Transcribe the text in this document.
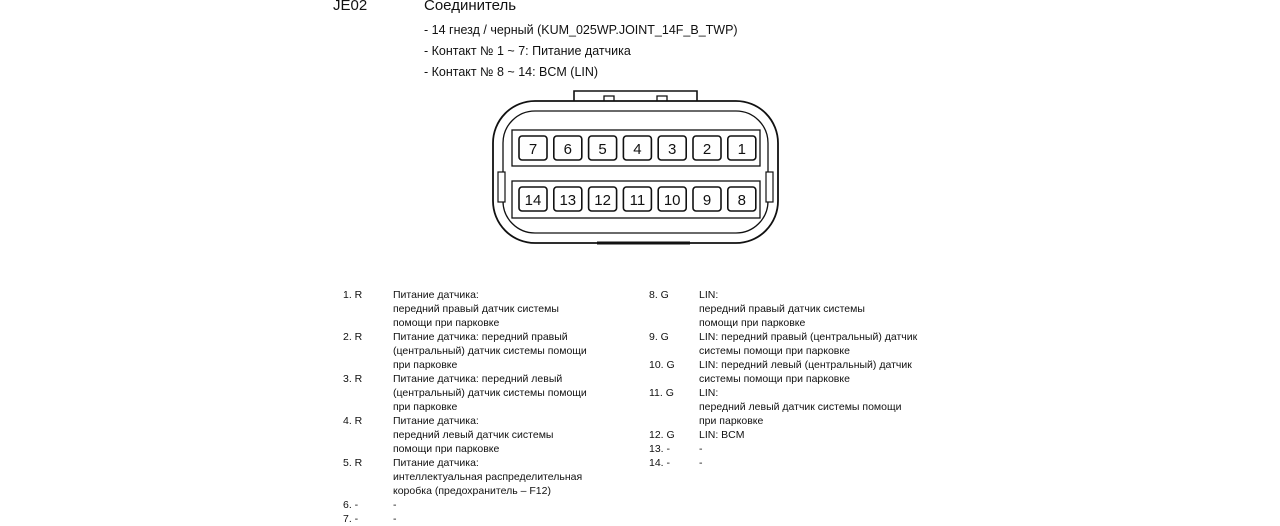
JE02	Соединитель
- 14 гнезд / черный (KUM_025WP.JOINT_14F_B_TWP)
- Контакт № 1 ~ 7: Питание датчика
- Контакт № 8 ~ 14: BCM (LIN)
7 6 5 4 3 2 1
14 13 12 11 10 9 8
1. R	Питание датчика:
передний правый датчик системы
помощи при парковке
2. R	Питание датчика: передний правый
(центральный) датчик системы помощи
при парковке
3. R	Питание датчика: передний левый
(центральный) датчик системы помощи
при парковке
4. R	Питание датчика:
передний левый датчик системы
помощи при парковке
5. R	Питание датчика:
интеллектуальная распределительная
коробка (предохранитель – F12)
6. -	-
7. -	-
8. G	LIN:
передний правый датчик системы
помощи при парковке
9. G	LIN: передний правый (центральный) датчик
системы помощи при парковке
10. G	LIN: передний левый (центральный) датчик
системы помощи при парковке
11. G	LIN:
передний левый датчик системы помощи
при парковке
12. G	LIN: BCM
13. -	-
14. -	-
